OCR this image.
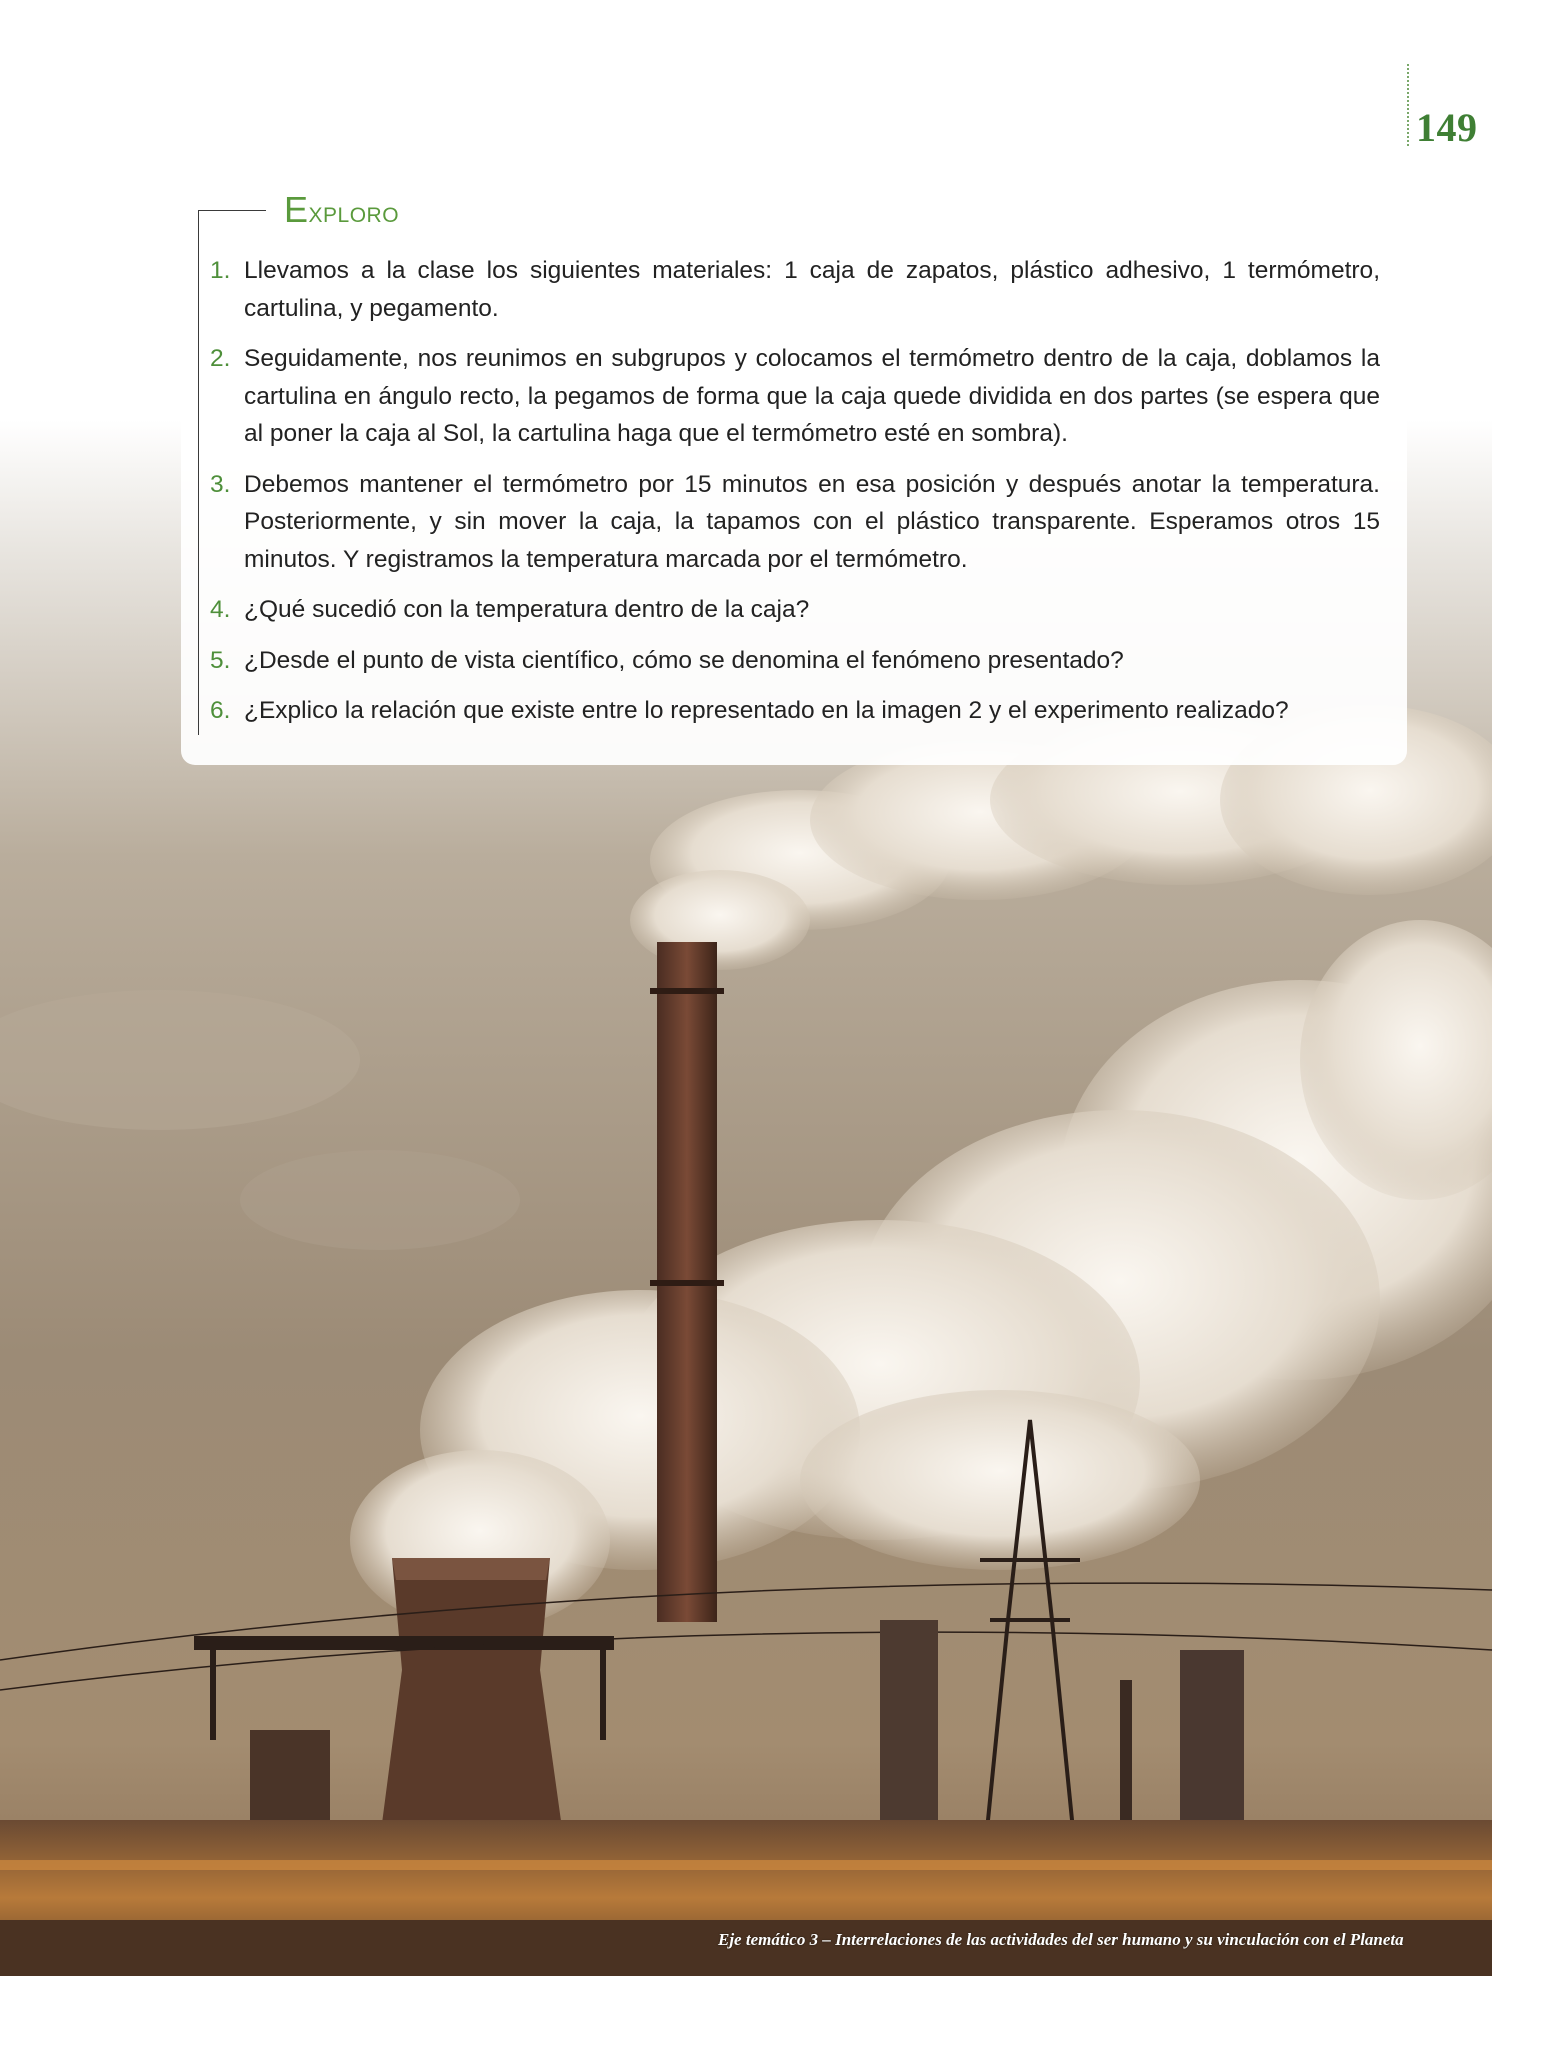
149
Exploro
1. Llevamos a la clase los siguientes materiales: 1 caja de zapatos, plástico adhesivo, 1 termómetro, cartulina, y pegamento.
2. Seguidamente, nos reunimos en subgrupos y colocamos el termómetro dentro de la caja, doblamos la cartulina en ángulo recto, la pegamos de forma que la caja quede dividida en dos partes (se espera que al poner la caja al Sol, la cartulina haga que el termómetro esté en sombra).
3. Debemos mantener el termómetro por 15 minutos en esa posición y después anotar la temperatura. Posteriormente, y sin mover la caja, la tapamos con el plástico transparente. Esperamos otros 15 minutos. Y registramos la temperatura marcada por el termómetro.
4. ¿Qué sucedió con la temperatura dentro de la caja?
5. ¿Desde el punto de vista científico, cómo se denomina el fenómeno presentado?
6. ¿Explico la relación que existe entre lo representado en la imagen 2 y el experimento realizado?
Eje temático 3 – Interrelaciones de las actividades del ser humano y su vinculación con el Planeta
